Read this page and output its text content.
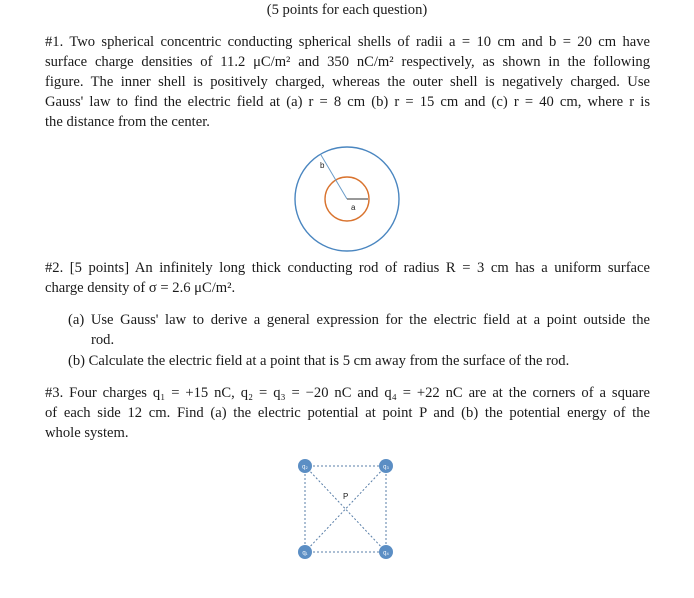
(5 points for each question)
#1. Two spherical concentric conducting spherical shells of radii a = 10 cm and b = 20 cm have
surface charge densities of 11.2 μC/m² and 350 nC/m² respectively, as shown in the following
figure. The inner shell is positively charged, whereas the outer shell is negatively charged. Use
Gauss' law to find the electric field at (a) r = 8 cm (b) r = 15 cm and (c) r = 40 cm, where r is
the distance from the center.
b
a
#2. [5 points] An infinitely long thick conducting rod of radius R = 3 cm has a uniform surface
charge density of σ = 2.6 μC/m².
(a) Use Gauss' law to derive a general expression for the electric field at a point outside the
rod.
(b) Calculate the electric field at a point that is 5 cm away from the surface of the rod.
#3. Four charges q₁ = +15 nC, q₂ = q₃ = −20 nC and q₄ = +22 nC are at the corners of a square
of each side 12 cm. Find (a) the electric potential at point P and (b) the potential energy of the
whole system.
P
q₂	q₃
q₁	q₄
